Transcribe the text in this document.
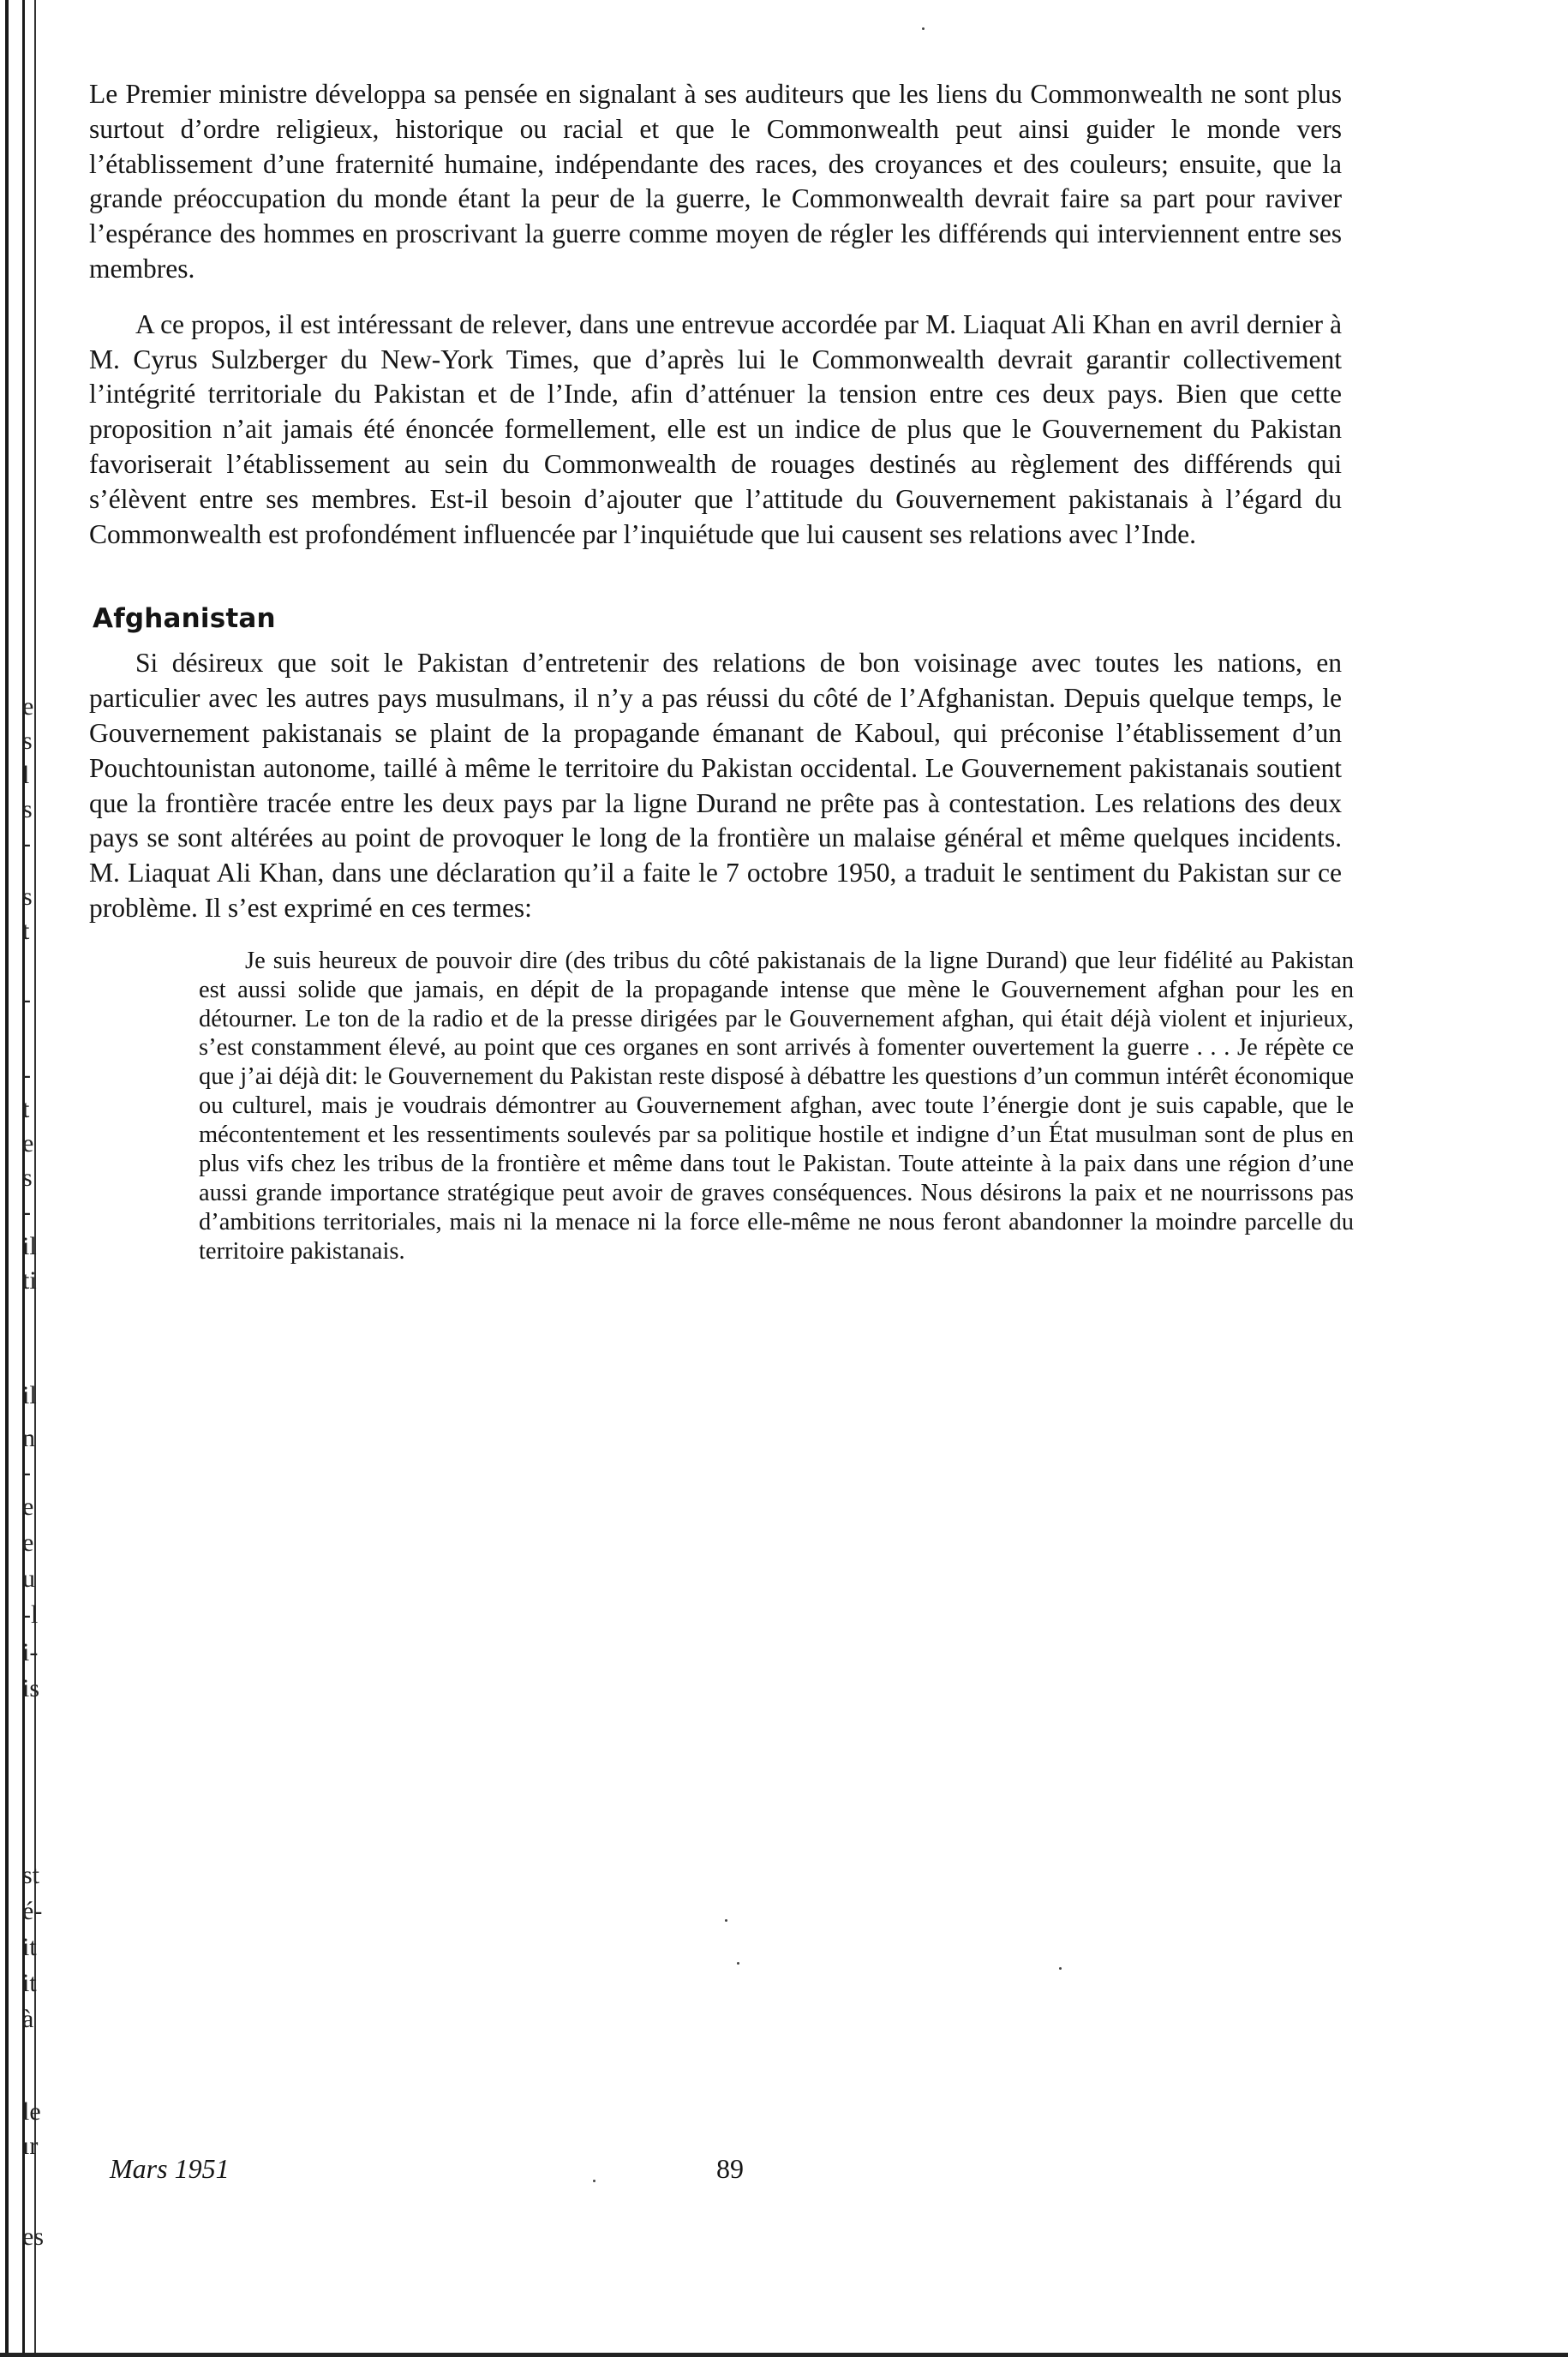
e
s
l
s
-
s
t
-
-
t
e
s
-
il
ti
il
n
-
e
e
u
-l
i-
is
st
é-
it
it
à
le
ır
es

Le Premier ministre développa sa pensée en signalant à ses auditeurs que les liens du Commonwealth ne sont plus surtout d’ordre religieux, historique ou racial et que le Commonwealth peut ainsi guider le monde vers l’établissement d’une fraternité humaine, indépendante des races, des croyances et des couleurs; ensuite, que la grande préoccupation du monde étant la peur de la guerre, le Commonwealth devrait faire sa part pour raviver l’espérance des hommes en proscrivant la guerre comme moyen de régler les différends qui interviennent entre ses membres.

A ce propos, il est intéressant de relever, dans une entrevue accordée par M. Liaquat Ali Khan en avril dernier à M. Cyrus Sulzberger du New-York Times, que d’après lui le Commonwealth devrait garantir collectivement l’intégrité territoriale du Pakistan et de l’Inde, afin d’atténuer la tension entre ces deux pays. Bien que cette proposition n’ait jamais été énoncée formellement, elle est un indice de plus que le Gouvernement du Pakistan favoriserait l’établissement au sein du Commonwealth de rouages destinés au règlement des différends qui s’élèvent entre ses membres. Est-il besoin d’ajouter que l’attitude du Gouvernement pakistanais à l’égard du Commonwealth est profondément influencée par l’inquiétude que lui causent ses relations avec l’Inde.

Afghanistan

Si désireux que soit le Pakistan d’entretenir des relations de bon voisinage avec toutes les nations, en particulier avec les autres pays musulmans, il n’y a pas réussi du côté de l’Afghanistan. Depuis quelque temps, le Gouvernement pakistanais se plaint de la propagande émanant de Kaboul, qui préconise l’établissement d’un Pouchtounistan autonome, taillé à même le territoire du Pakistan occidental. Le Gouvernement pakistanais soutient que la frontière tracée entre les deux pays par la ligne Durand ne prête pas à contestation. Les relations des deux pays se sont altérées au point de provoquer le long de la frontière un malaise général et même quelques incidents. M. Liaquat Ali Khan, dans une déclaration qu’il a faite le 7 octobre 1950, a traduit le sentiment du Pakistan sur ce problème. Il s’est exprimé en ces termes:

Je suis heureux de pouvoir dire (des tribus du côté pakistanais de la ligne Durand) que leur fidélité au Pakistan est aussi solide que jamais, en dépit de la propagande intense que mène le Gouvernement afghan pour les en détourner. Le ton de la radio et de la presse dirigées par le Gouvernement afghan, qui était déjà violent et injurieux, s’est constamment élevé, au point que ces organes en sont arrivés à fomenter ouvertement la guerre . . . Je répète ce que j’ai déjà dit: le Gouvernement du Pakistan reste disposé à débattre les questions d’un commun intérêt économique ou culturel, mais je voudrais démontrer au Gouvernement afghan, avec toute l’énergie dont je suis capable, que le mécontentement et les ressentiments soulevés par sa politique hostile et indigne d’un État musulman sont de plus en plus vifs chez les tribus de la frontière et même dans tout le Pakistan. Toute atteinte à la paix dans une région d’une aussi grande importance stratégique peut avoir de graves conséquences. Nous désirons la paix et ne nourrissons pas d’ambitions territoriales, mais ni la menace ni la force elle-même ne nous feront abandonner la moindre parcelle du territoire pakistanais.

Mars 1951	89
